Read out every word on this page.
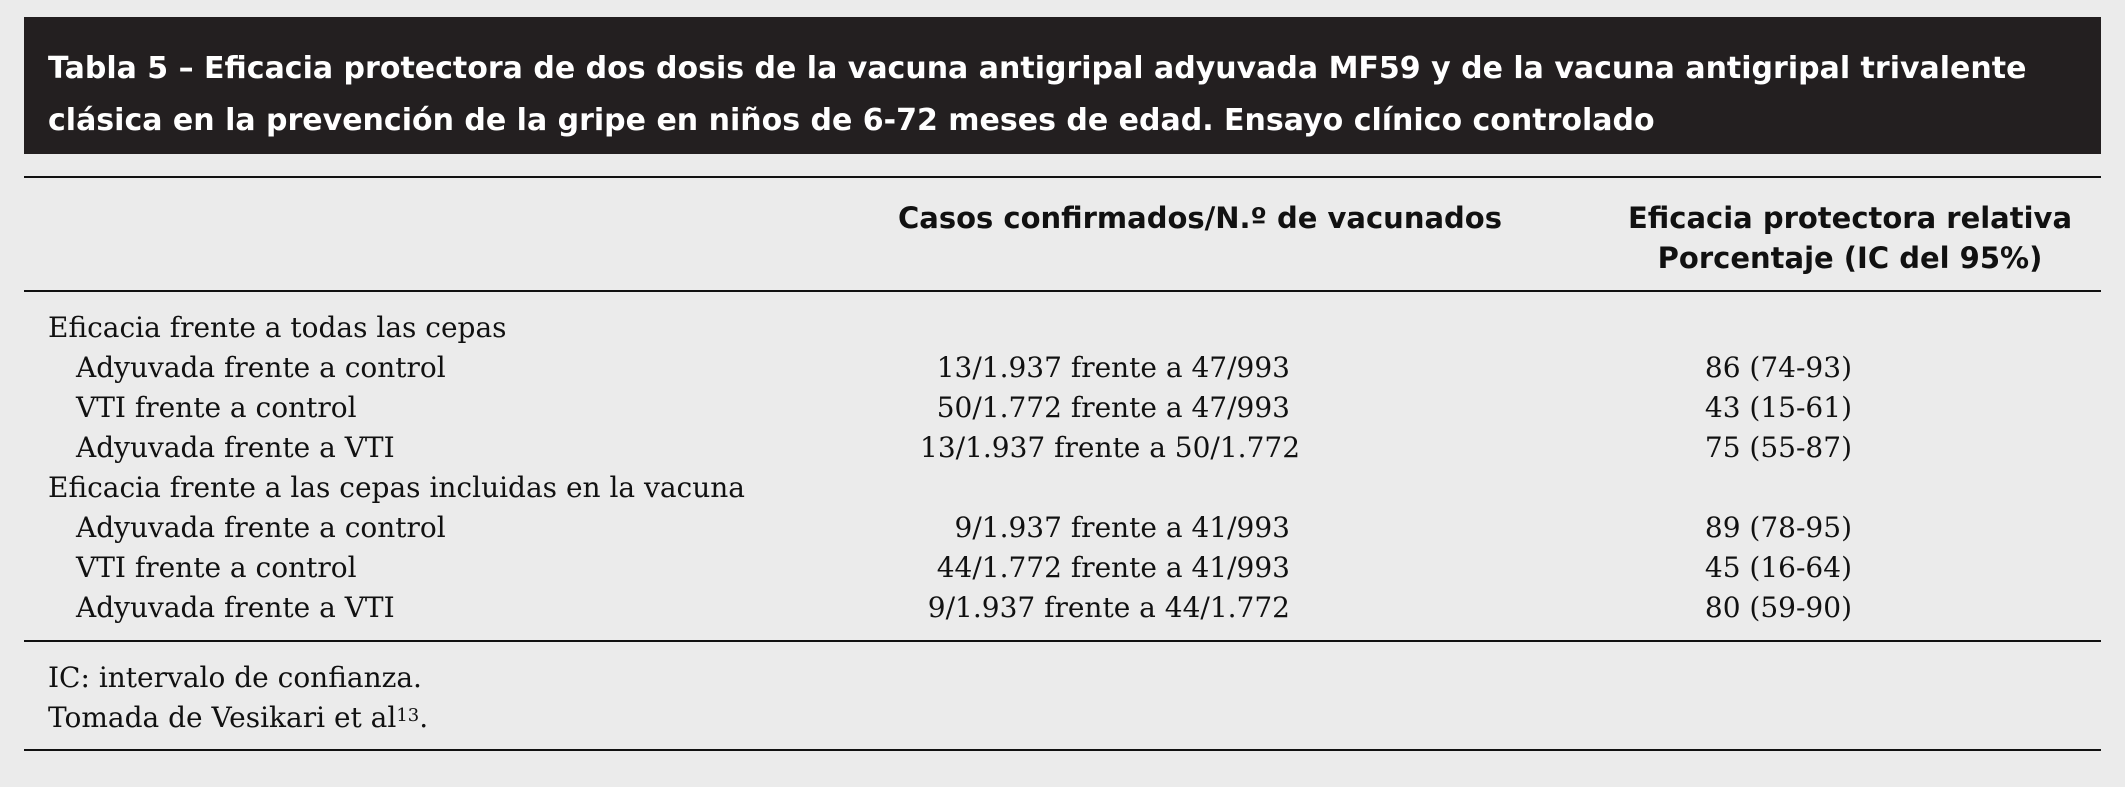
Tabla 5 – Eficacia protectora de dos dosis de la vacuna antigripal adyuvada MF59 y de la vacuna antigripal trivalente
clásica en la prevención de la gripe en niños de 6-72 meses de edad. Ensayo clínico controlado
Casos confirmados/N.º de vacunados	Eficacia protectora relativa
Porcentaje (IC del 95%)
Eficacia frente a todas las cepas
Adyuvada frente a control	13/1.937 frente a 47/993	86 (74-93)
VTI frente a control	50/1.772 frente a 47/993	43 (15-61)
Adyuvada frente a VTI	13/1.937 frente a 50/1.772	75 (55-87)
Eficacia frente a las cepas incluidas en la vacuna
Adyuvada frente a control	9/1.937 frente a 41/993	89 (78-95)
VTI frente a control	44/1.772 frente a 41/993	45 (16-64)
Adyuvada frente a VTI	9/1.937 frente a 44/1.772	80 (59-90)
IC: intervalo de confianza.
Tomada de Vesikari et $al^{13}$.
